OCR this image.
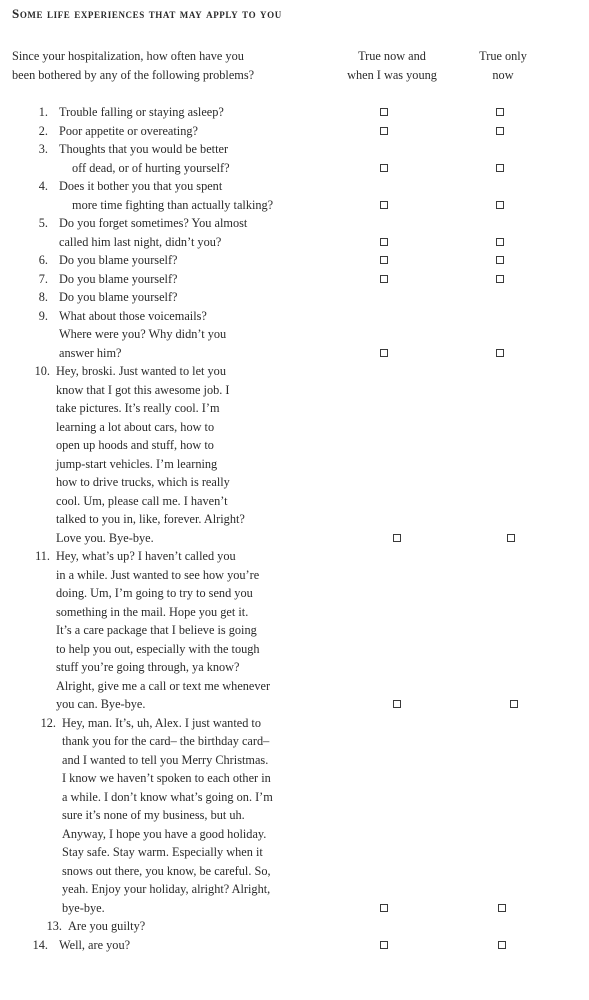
Some life experiences that may apply to you
Since your hospitalization, how often have you
been bothered by any of the following problems?
True now and
when I was young
True only
now
1. Trouble falling or staying asleep?
2. Poor appetite or overeating?
3. Thoughts that you would be better
off dead, or of hurting yourself?
4. Does it bother you that you spent
more time fighting than actually talking?
5. Do you forget sometimes? You almost
called him last night, didn’t you?
6. Do you blame yourself?
7. Do you blame yourself?
8. Do you blame yourself?
9. What about those voicemails?
Where were you? Why didn’t you
answer him?
10. Hey, broski. Just wanted to let you
know that I got this awesome job. I
take pictures. It’s really cool. I’m
learning a lot about cars, how to
open up hoods and stuff, how to
jump-start vehicles. I’m learning
how to drive trucks, which is really
cool. Um, please call me. I haven’t
talked to you in, like, forever. Alright?
Love you. Bye-bye.
11. Hey, what’s up? I haven’t called you
in a while. Just wanted to see how you’re
doing. Um, I’m going to try to send you
something in the mail. Hope you get it.
It’s a care package that I believe is going
to help you out, especially with the tough
stuff you’re going through, ya know?
Alright, give me a call or text me whenever
you can. Bye-bye.
12. Hey, man. It’s, uh, Alex. I just wanted to
thank you for the card– the birthday card–
and I wanted to tell you Merry Christmas.
I know we haven’t spoken to each other in
a while. I don’t know what’s going on. I’m
sure it’s none of my business, but uh.
Anyway, I hope you have a good holiday.
Stay safe. Stay warm. Especially when it
snows out there, you know, be careful. So,
yeah. Enjoy your holiday, alright? Alright,
bye-bye.
13. Are you guilty?
14. Well, are you?
